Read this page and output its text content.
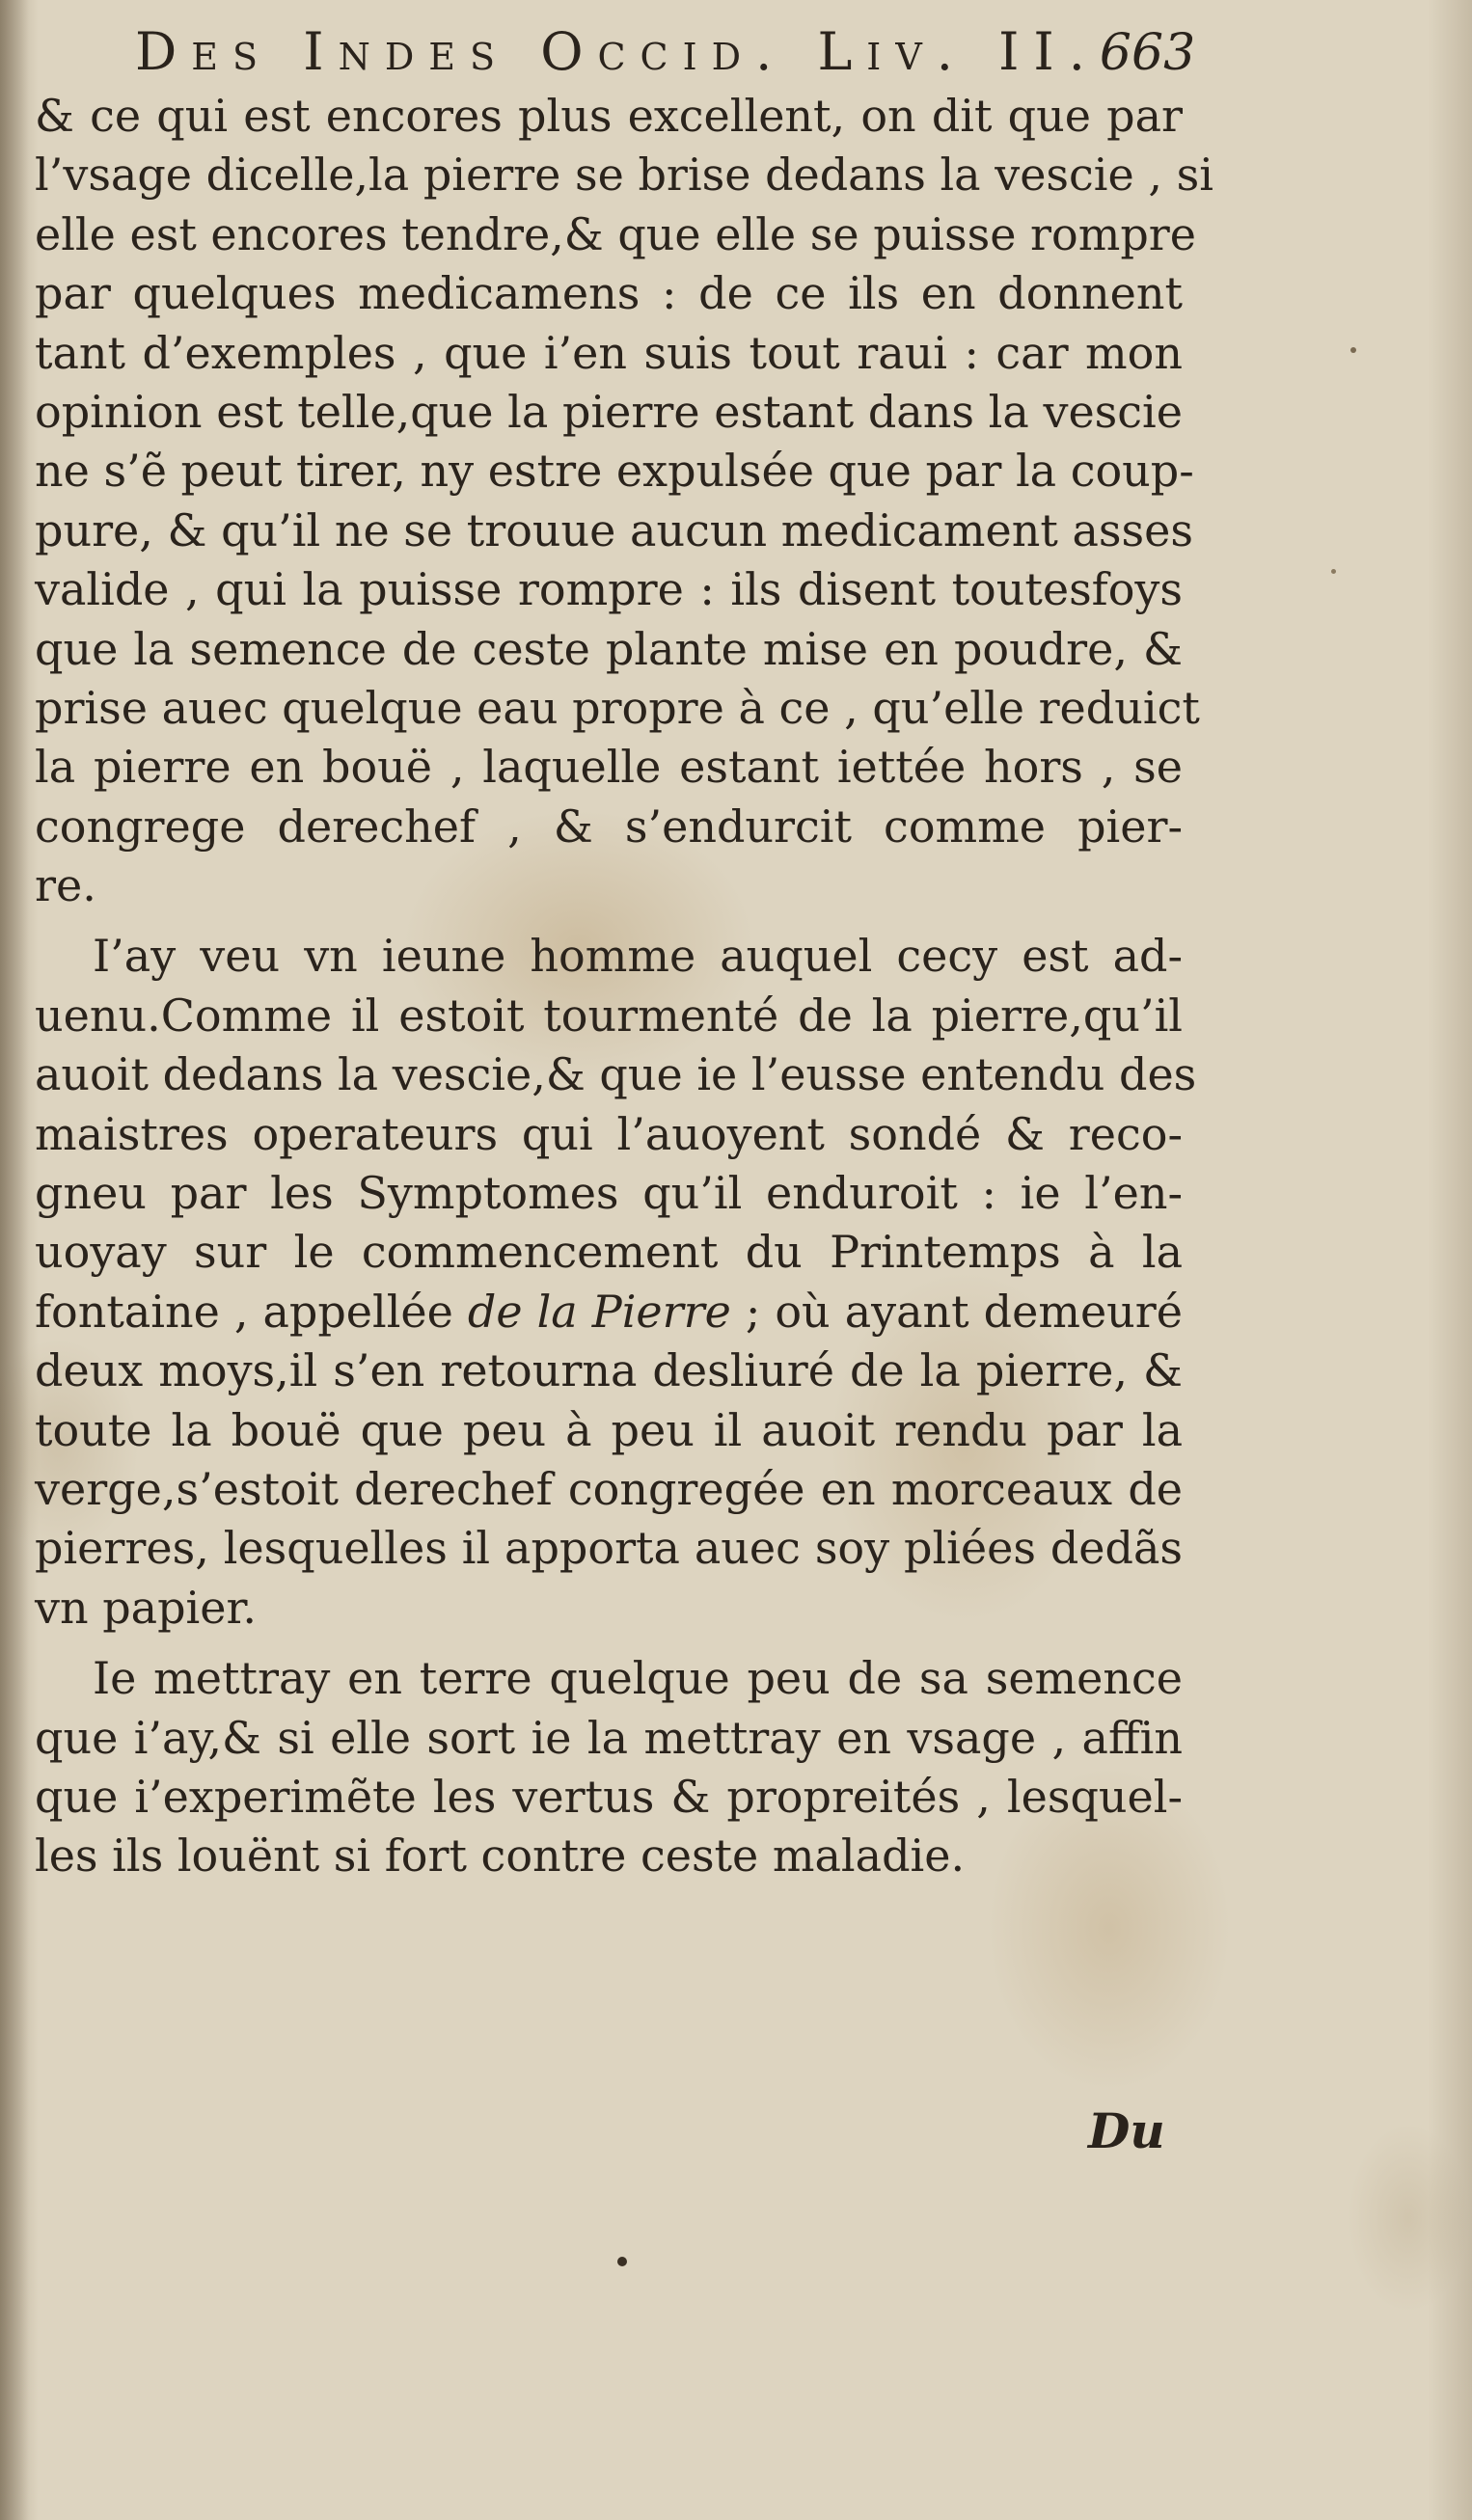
Des Indes Occid. Liv. II. 663
& ce qui est encores plus excellent, on dit que par
l’vsage dicelle,la pierre se brise dedans la vescie , si
elle est encores tendre,& que elle se puisse rompre
par quelques medicamens : de ce ils en donnent
tant d’exemples , que i’en suis tout raui : car mon
opinion est telle,que la pierre estant dans la vescie
ne s’ẽ peut tirer, ny estre expulsée que par la coup-
pure, & qu’il ne se trouue aucun medicament asses
valide , qui la puisse rompre : ils disent toutesfoys
que la semence de ceste plante mise en poudre, &
prise auec quelque eau propre à ce , qu’elle reduict
la pierre en bouë , laquelle estant iettée hors , se
congrege derechef , & s’endurcit comme pier-
re.
I’ay veu vn ieune homme auquel cecy est ad-
uenu.Comme il estoit tourmenté de la pierre,qu’il
auoit dedans la vescie,& que ie l’eusse entendu des
maistres operateurs qui l’auoyent sondé & reco-
gneu par les Symptomes qu’il enduroit : ie l’en-
uoyay sur le commencement du Printemps à la
fontaine , appellée de la Pierre ; où ayant demeuré
deux moys,il s’en retourna desliuré de la pierre, &
toute la bouë que peu à peu il auoit rendu par la
verge,s’estoit derechef congregée en morceaux de
pierres, lesquelles il apporta auec soy pliées dedãs
vn papier.
Ie mettray en terre quelque peu de sa semence
que i’ay,& si elle sort ie la mettray en vsage , affin
que i’experimẽte les vertus & propreités , lesquel-
les ils louënt si fort contre ceste maladie.
Du
